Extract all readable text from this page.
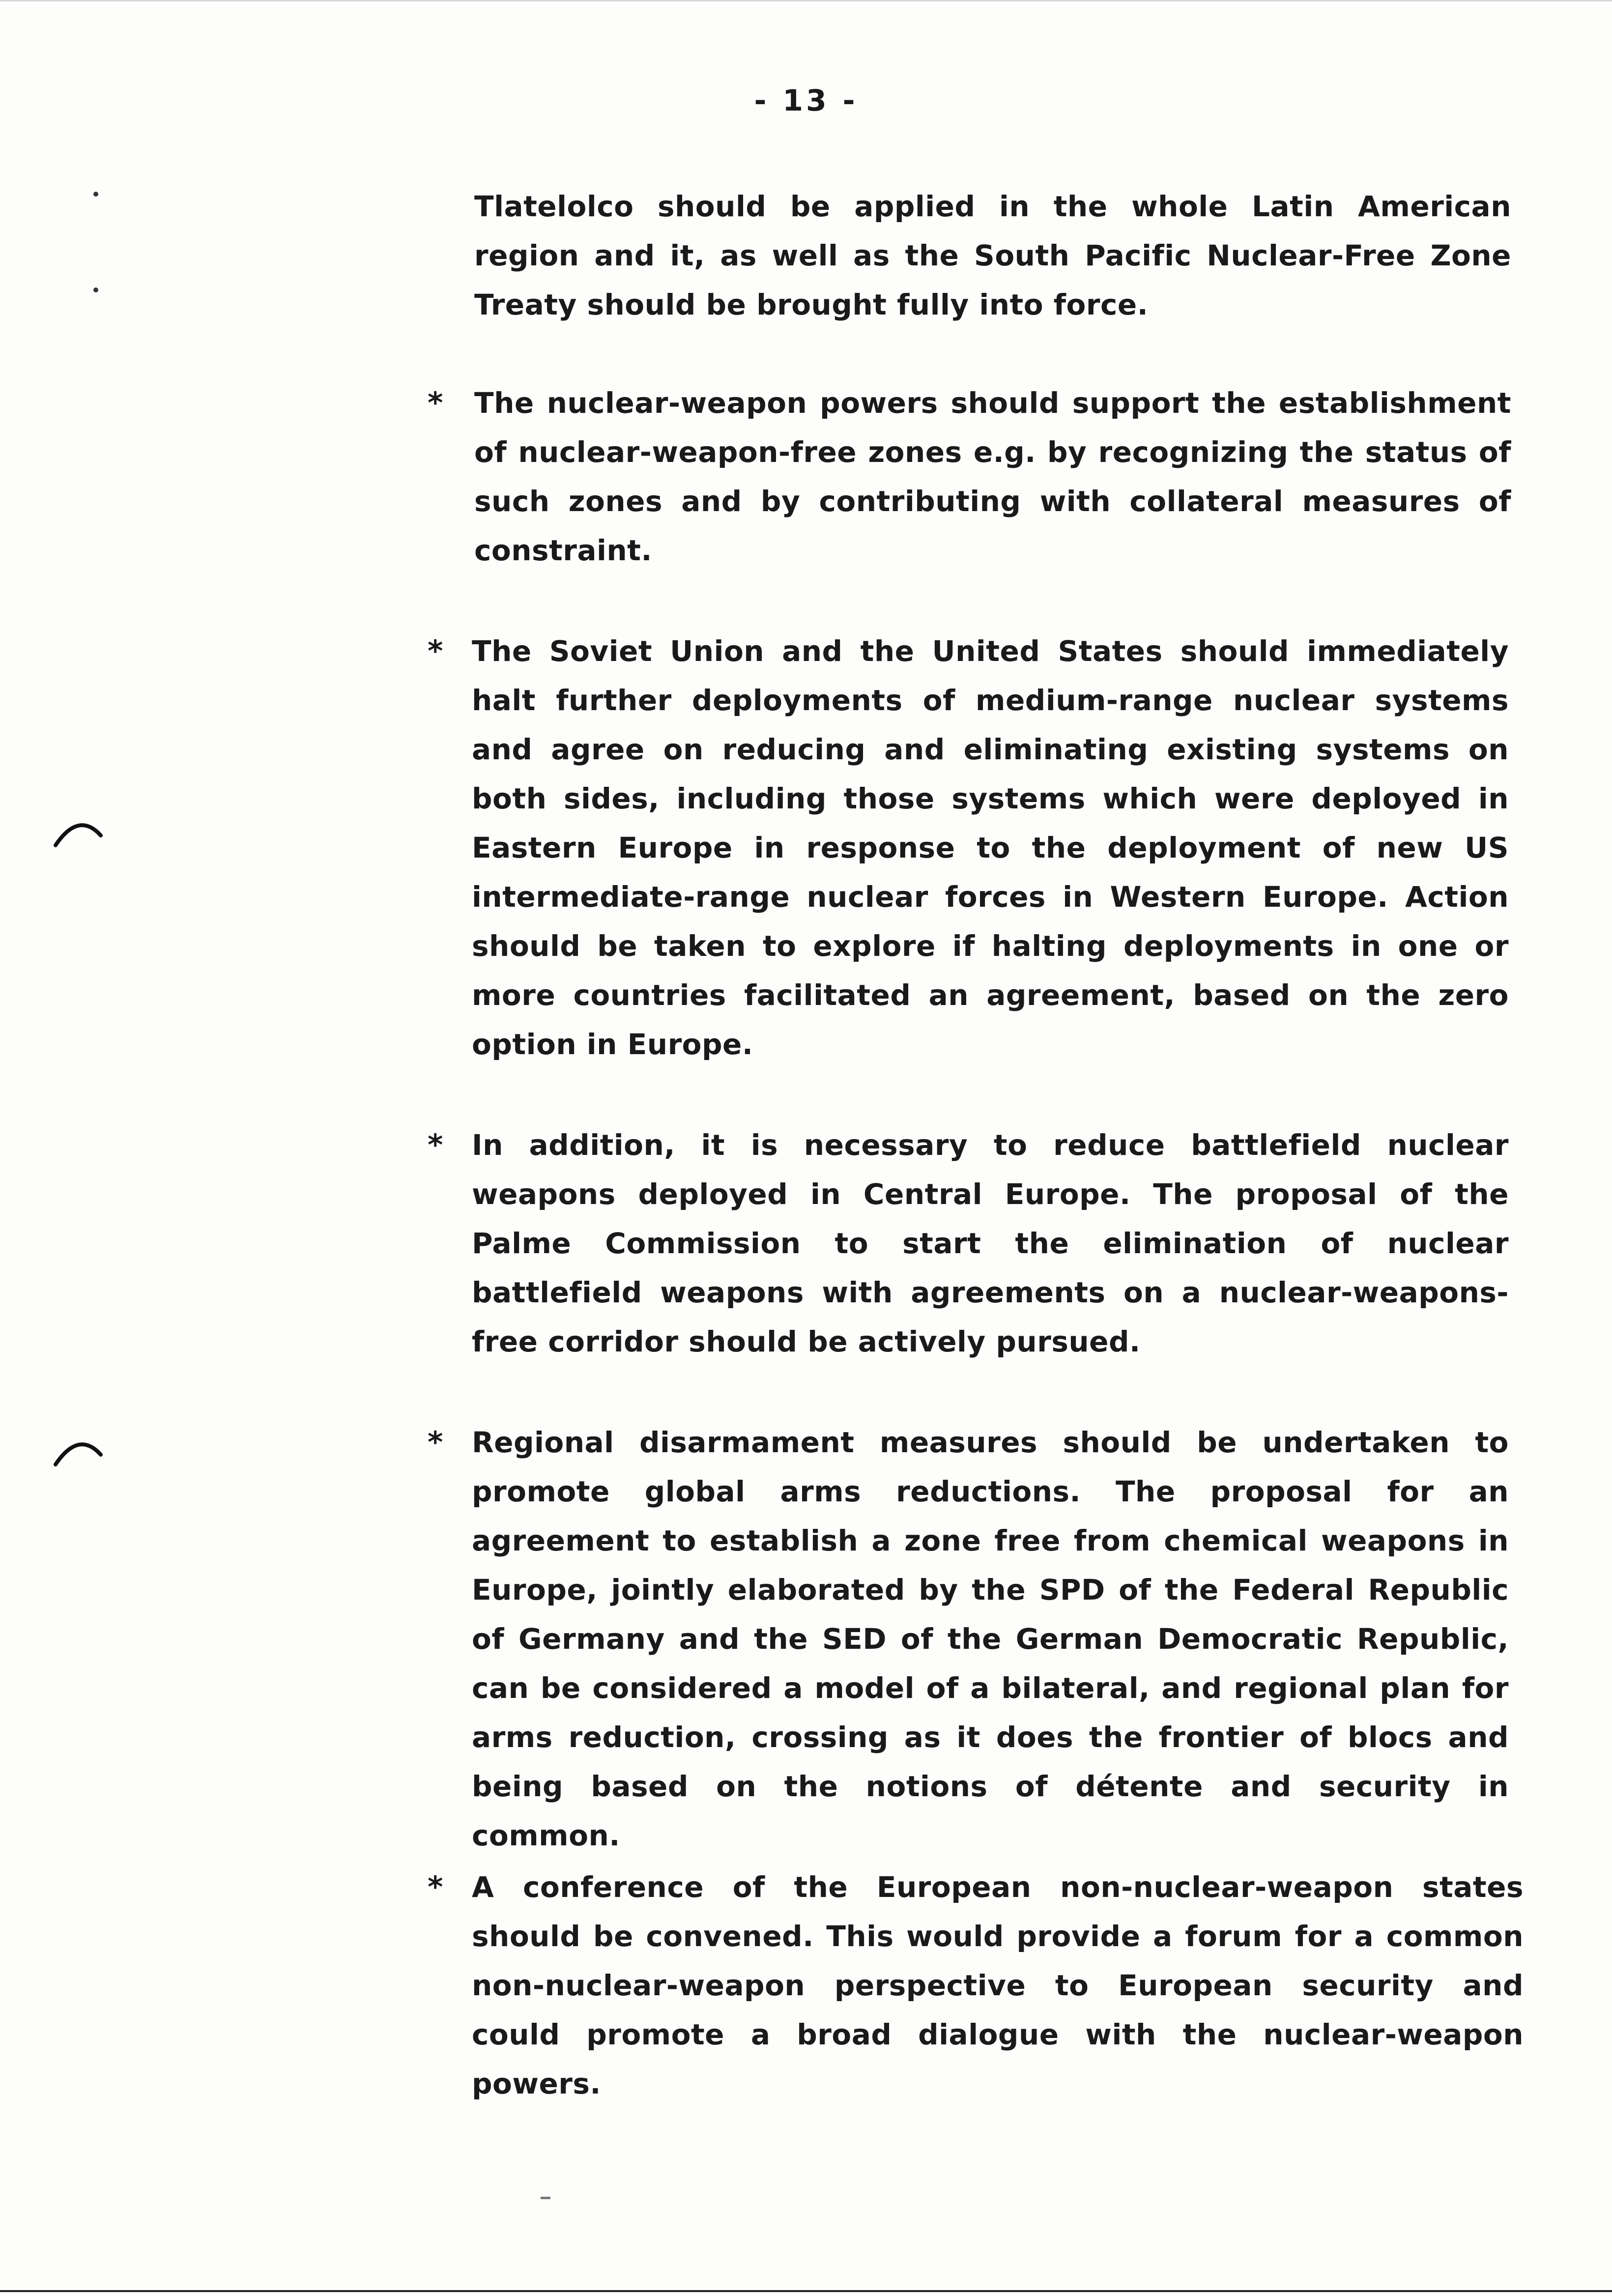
- 13 -
Tlatelolco should be applied in the whole Latin American region and it, as well as the South Pacific Nuclear-Free Zone Treaty should be brought fully into force.
* The nuclear-weapon powers should support the establishment of nuclear-weapon-free zones e.g. by recognizing the status of such zones and by contributing with collateral measures of constraint.
* The Soviet Union and the United States should immediately halt further deployments of medium-range nuclear systems and agree on reducing and eliminating existing systems on both sides, including those systems which were deployed in Eastern Europe in response to the deployment of new US intermediate-range nuclear forces in Western Europe. Action should be taken to explore if halting deployments in one or more countries facilitated an agreement, based on the zero option in Europe.
* In addition, it is necessary to reduce battlefield nuclear weapons deployed in Central Europe. The proposal of the Palme Commission to start the elimination of nuclear battlefield weapons with agreements on a nuclear-weapons- free corridor should be actively pursued.
* Regional disarmament measures should be undertaken to promote global arms reductions. The proposal for an agreement to establish a zone free from chemical weapons in Europe, jointly elaborated by the SPD of the Federal Republic of Germany and the SED of the German Democratic Republic, can be considered a model of a bilateral, and regional plan for arms reduction, crossing as it does the frontier of blocs and being based on the notions of détente and security in common.
* A conference of the European non-nuclear-weapon states should be convened. This would provide a forum for a common non-nuclear-weapon perspective to European security and could promote a broad dialogue with the nuclear-weapon powers.
